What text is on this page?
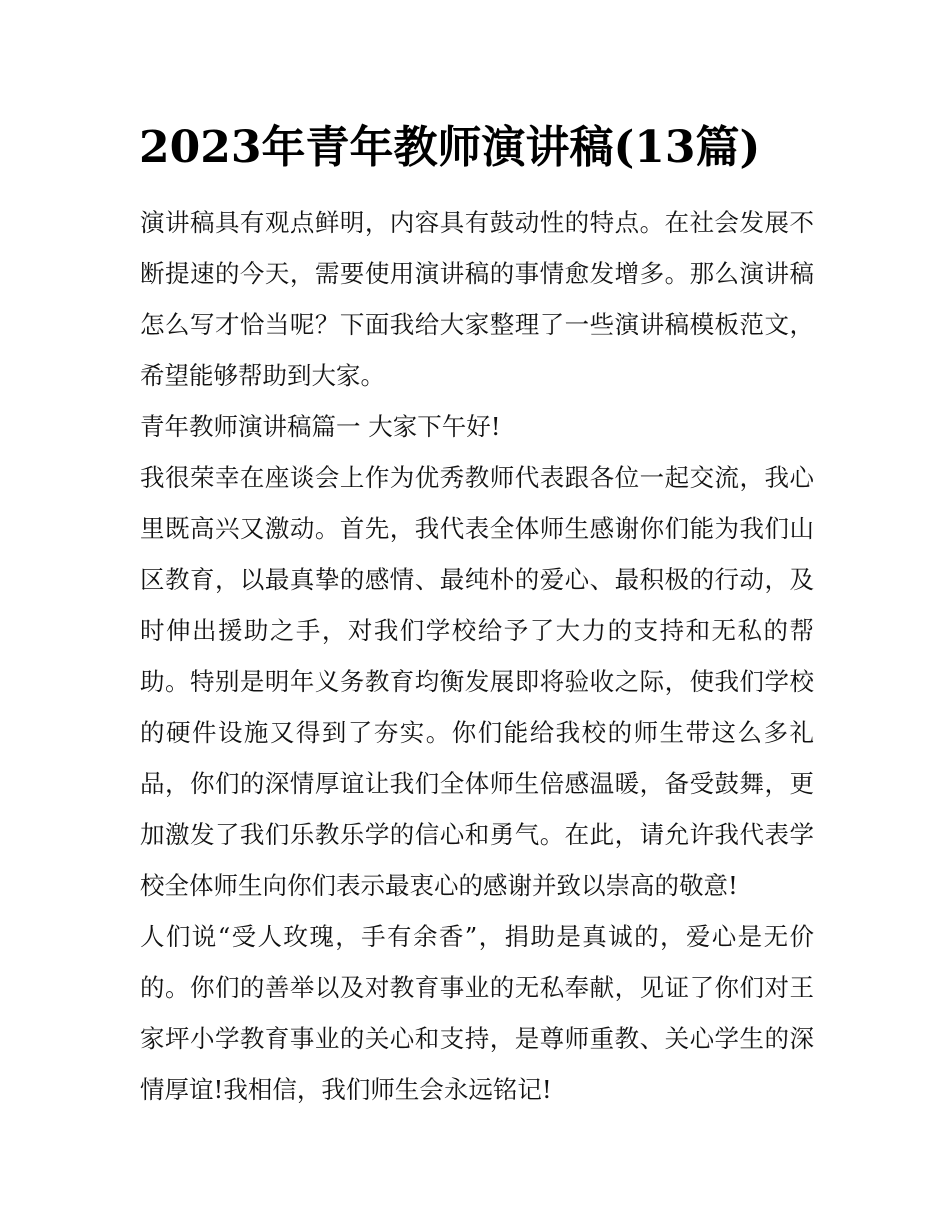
2023年青年教师演讲稿(13篇)

演讲稿具有观点鲜明，内容具有鼓动性的特点。在社会发展不断提速的今天，需要使用演讲稿的事情愈发增多。那么演讲稿怎么写才恰当呢？下面我给大家整理了一些演讲稿模板范文，希望能够帮助到大家。

青年教师演讲稿篇一 大家下午好!

我很荣幸在座谈会上作为优秀教师代表跟各位一起交流，我心里既高兴又激动。首先，我代表全体师生感谢你们能为我们山区教育，以最真挚的感情、最纯朴的爱心、最积极的行动，及时伸出援助之手，对我们学校给予了大力的支持和无私的帮助。特别是明年义务教育均衡发展即将验收之际，使我们学校的硬件设施又得到了夯实。你们能给我校的师生带这么多礼品，你们的深情厚谊让我们全体师生倍感温暖，备受鼓舞，更加激发了我们乐教乐学的信心和勇气。在此，请允许我代表学校全体师生向你们表示最衷心的感谢并致以崇高的敬意!

人们说“受人玫瑰，手有余香”，捐助是真诚的，爱心是无价的。你们的善举以及对教育事业的无私奉献，见证了你们对王家坪小学教育事业的关心和支持，是尊师重教、关心学生的深情厚谊!我相信，我们师生会永远铭记!
